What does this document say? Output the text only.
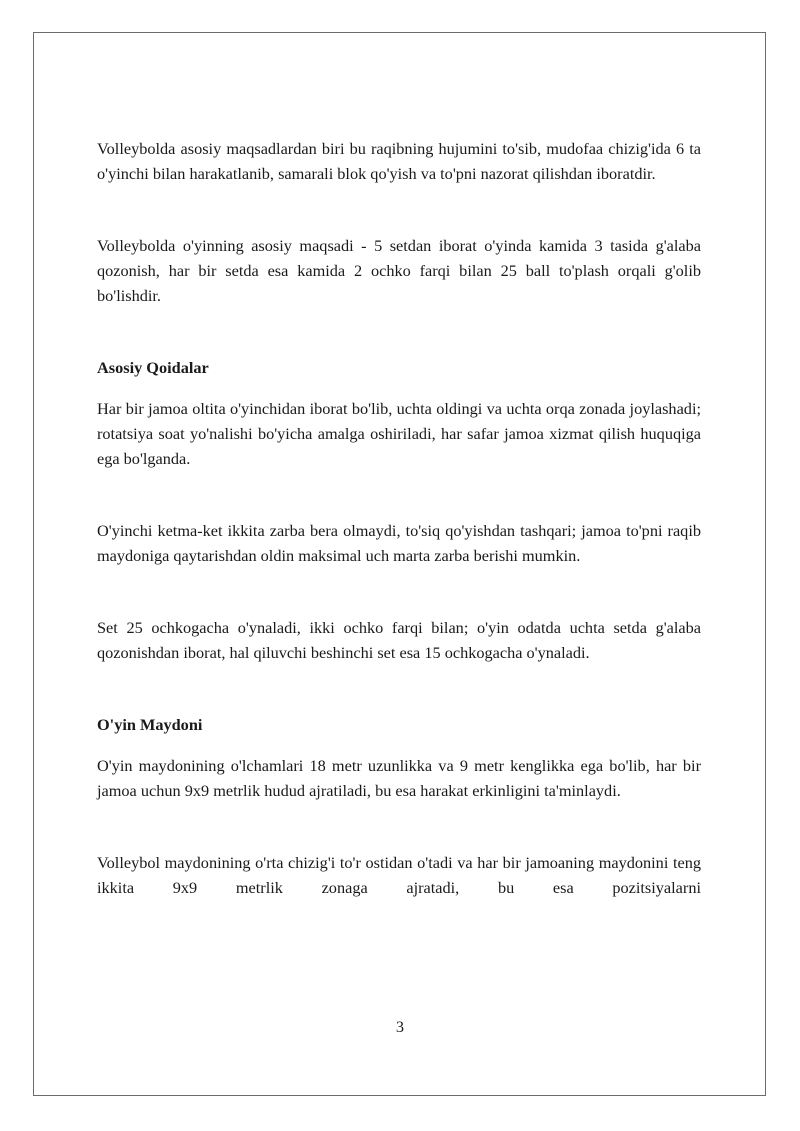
Volleybolda asosiy maqsadlardan biri bu raqibning hujumini to'sib, mudofaa chizig'ida 6 ta o'yinchi bilan harakatlanib, samarali blok qo'yish va to'pni nazorat qilishdan iboratdir.

Volleybolda o'yinning asosiy maqsadi - 5 setdan iborat o'yinda kamida 3 tasida g'alaba qozonish, har bir setda esa kamida 2 ochko farqi bilan 25 ball to'plash orqali g'olib bo'lishdir.

Asosiy Qoidalar

Har bir jamoa oltita o'yinchidan iborat bo'lib, uchta oldingi va uchta orqa zonada joylashadi; rotatsiya soat yo'nalishi bo'yicha amalga oshiriladi, har safar jamoa xizmat qilish huquqiga ega bo'lganda.

O'yinchi ketma-ket ikkita zarba bera olmaydi, to'siq qo'yishdan tashqari; jamoa to'pni raqib maydoniga qaytarishdan oldin maksimal uch marta zarba berishi mumkin.

Set 25 ochkogacha o'ynaladi, ikki ochko farqi bilan; o'yin odatda uchta setda g'alaba qozonishdan iborat, hal qiluvchi beshinchi set esa 15 ochkogacha o'ynaladi.

O'yin Maydoni

O'yin maydonining o'lchamlari 18 metr uzunlikka va 9 metr kenglikka ega bo'lib, har bir jamoa uchun 9x9 metrlik hudud ajratiladi, bu esa harakat erkinligini ta'minlaydi.

Volleybol maydonining o'rta chizig'i to'r ostidan o'tadi va har bir jamoaning maydonini teng ikkita 9x9 metrlik zonaga ajratadi, bu esa pozitsiyalarni

3
